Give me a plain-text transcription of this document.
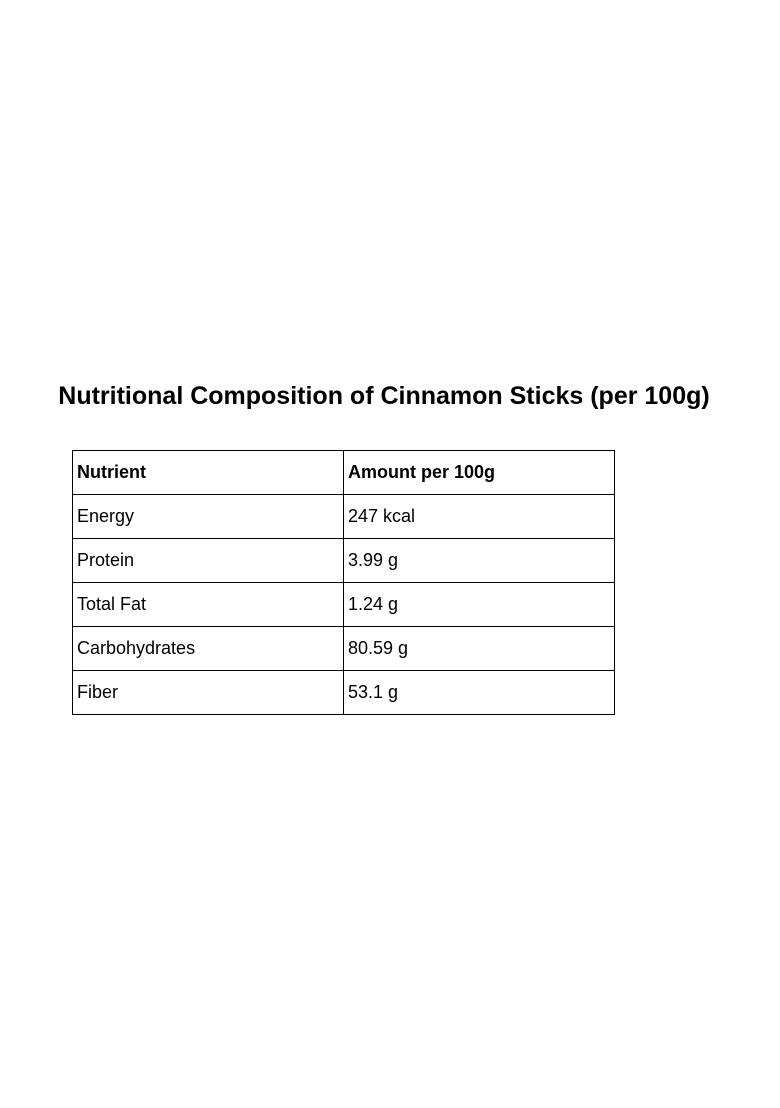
Nutritional Composition of Cinnamon Sticks (per 100g)
Nutrient	Amount per 100g
Energy	247 kcal
Protein	3.99 g
Total Fat	1.24 g
Carbohydrates	80.59 g
Fiber	53.1 g
